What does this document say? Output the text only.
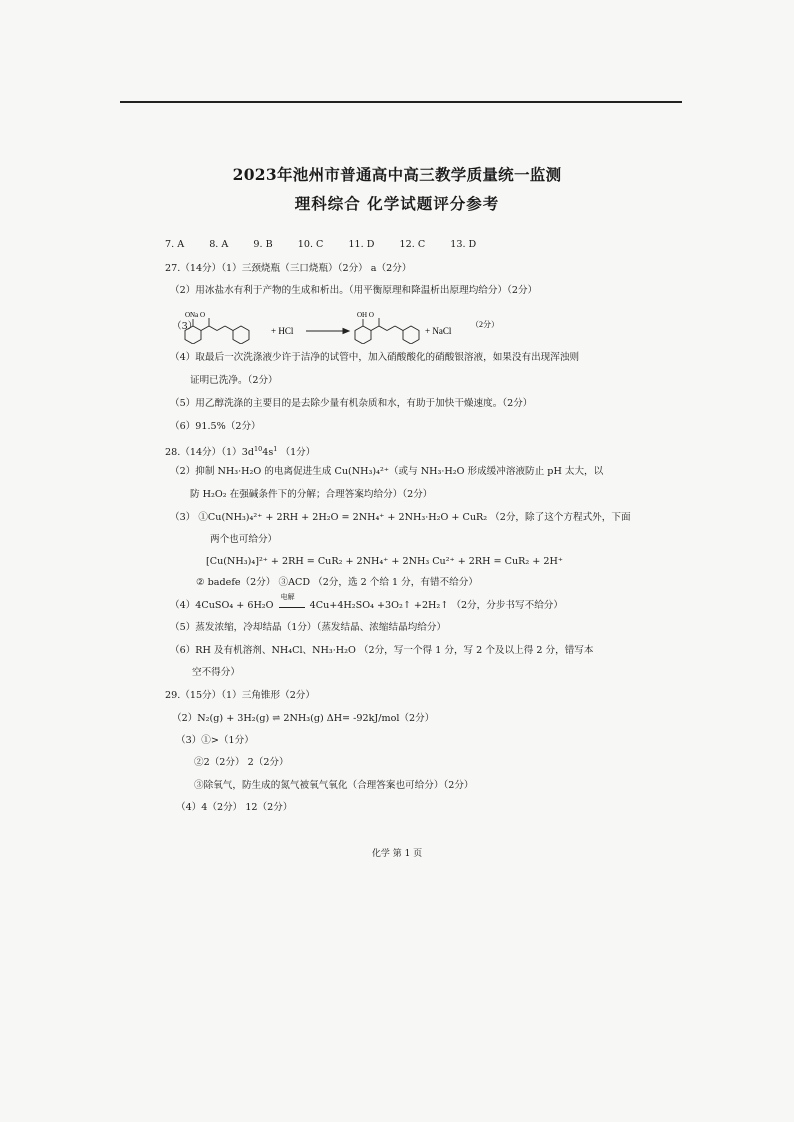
2023年池州市普通高中高三教学质量统一监测
理科综合 化学试题评分参考
7. A	8. A	9. B	10. C	11. D	12. C	13. D
27.（14分）（1）三颈烧瓶（三口烧瓶）（2分） a（2分）
（2）用冰盐水有利于产物的生成和析出。（用平衡原理和降温析出原理均给分）（2分）
（3）
ONa O
+ HCl
OH O
+ NaCl
（2分）
（4）取最后一次洗涤液少许于洁净的试管中，加入硝酸酸化的硝酸银溶液，如果没有出现浑浊则
证明已洗净。（2分）
（5）用乙醇洗涤的主要目的是去除少量有机杂质和水，有助于加快干燥速度。（2分）
（6）91.5%（2分）
28.（14分）$(1)3d^{10}4s^1$ （1分）
（2）抑制 NH₃·H₂O 的电离促进生成 Cu(NH₃)₄²⁺（或与 NH₃·H₂O 形成缓冲溶液防止 pH 太大，以
防 H₂O₂ 在强碱条件下的分解；合理答案均给分）（2分）
（3） ①Cu(NH₃)₄²⁺ + 2RH + 2H₂O = 2NH₄⁺ + 2NH₃·H₂O + CuR₂ （2分，除了这个方程式外，下面
两个也可给分）
[Cu(NH₃)₄]²⁺ + 2RH = CuR₂ + 2NH₄⁺ + 2NH₃ Cu²⁺ + 2RH = CuR₂ + 2H⁺
② badefe（2分） ③ACD （2分，选 2 个给 1 分，有错不给分）
（4）4CuSO₄ + 6H₂O
电解
4Cu+4H₂SO₄ +3O₂↑ +2H₂↑ （2分，分步书写不给分）
（5）蒸发浓缩，冷却结晶（1分）（蒸发结晶、浓缩结晶均给分）
（6）RH 及有机溶剂、NH₄Cl、NH₃·H₂O （2分，写一个得 1 分，写 2 个及以上得 2 分，错写本
空不得分）
29.（15分）（1）三角锥形（2分）
（2）N₂(g) + 3H₂(g) ⇌ 2NH₃(g) ΔH= -92kJ/mol（2分）
（3）①>（1分）
②2（2分） 2（2分）
③除氧气，防生成的氮气被氧气氧化（合理答案也可给分）（2分）
（4）4（2分） 12（2分）
化学 第 1 页
